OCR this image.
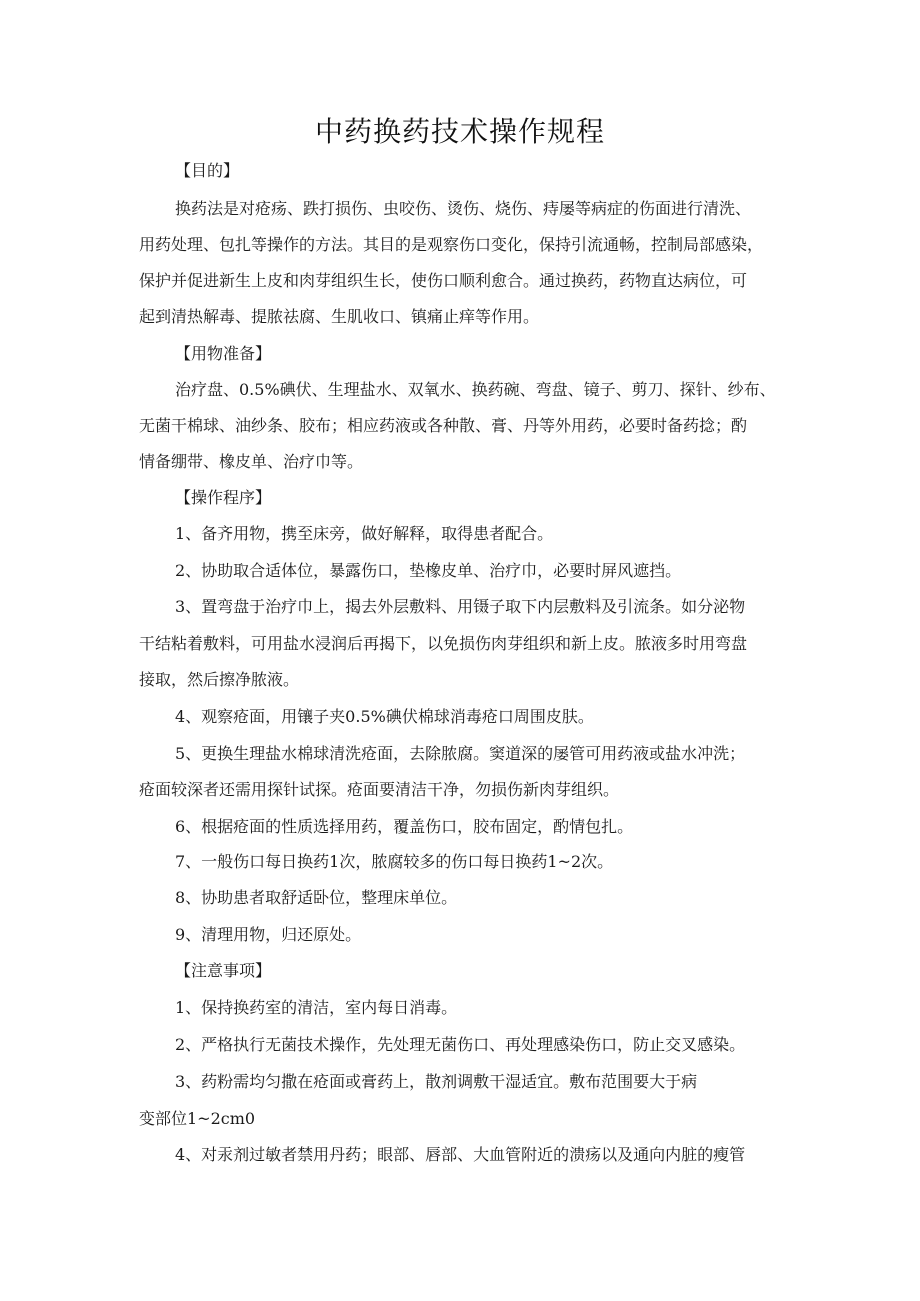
中药换药技术操作规程
【目的】
换药法是对疮疡、跌打损伤、虫咬伤、烫伤、烧伤、痔屡等病症的伤面进行清洗、
用药处理、包扎等操作的方法。其目的是观察伤口变化，保持引流通畅，控制局部感染，
保护并促进新生上皮和肉芽组织生长，使伤口顺利愈合。通过换药，药物直达病位，可
起到清热解毒、提脓祛腐、生肌收口、镇痛止痒等作用。
【用物准备】
治疗盘、0.5%碘伏、生理盐水、双氧水、换药碗、弯盘、镜子、剪刀、探针、纱布、
无菌干棉球、油纱条、胶布；相应药液或各种散、膏、丹等外用药，必要时备药捻；酌
情备绷带、橡皮单、治疗巾等。
【操作程序】
1、备齐用物，携至床旁，做好解释，取得患者配合。
2、协助取合适体位，暴露伤口，垫橡皮单、治疗巾，必要时屏风遮挡。
3、置弯盘于治疗巾上，揭去外层敷料、用镊子取下内层敷料及引流条。如分泌物
干结粘着敷料，可用盐水浸润后再揭下，以免损伤肉芽组织和新上皮。脓液多时用弯盘
接取，然后擦净脓液。
4、观察疮面，用镶子夹0.5%碘伏棉球消毒疮口周围皮肤。
5、更换生理盐水棉球清洗疮面，去除脓腐。窦道深的屡管可用药液或盐水冲洗；
疮面较深者还需用探针试探。疮面要清洁干净，勿损伤新肉芽组织。
6、根据疮面的性质选择用药，覆盖伤口，胶布固定，酌情包扎。
7、一般伤口每日换药1次，脓腐较多的伤口每日换药1~2次。
8、协助患者取舒适卧位，整理床单位。
9、清理用物，归还原处。
【注意事项】
1、保持换药室的清洁，室内每日消毒。
2、严格执行无菌技术操作，先处理无菌伤口、再处理感染伤口，防止交叉感染。
3、药粉需均匀撒在疮面或膏药上，散剂调敷干湿适宜。敷布范围要大于病
变部位1~2cm0
4、对汞剂过敏者禁用丹药；眼部、唇部、大血管附近的溃疡以及通向内脏的瘦管
